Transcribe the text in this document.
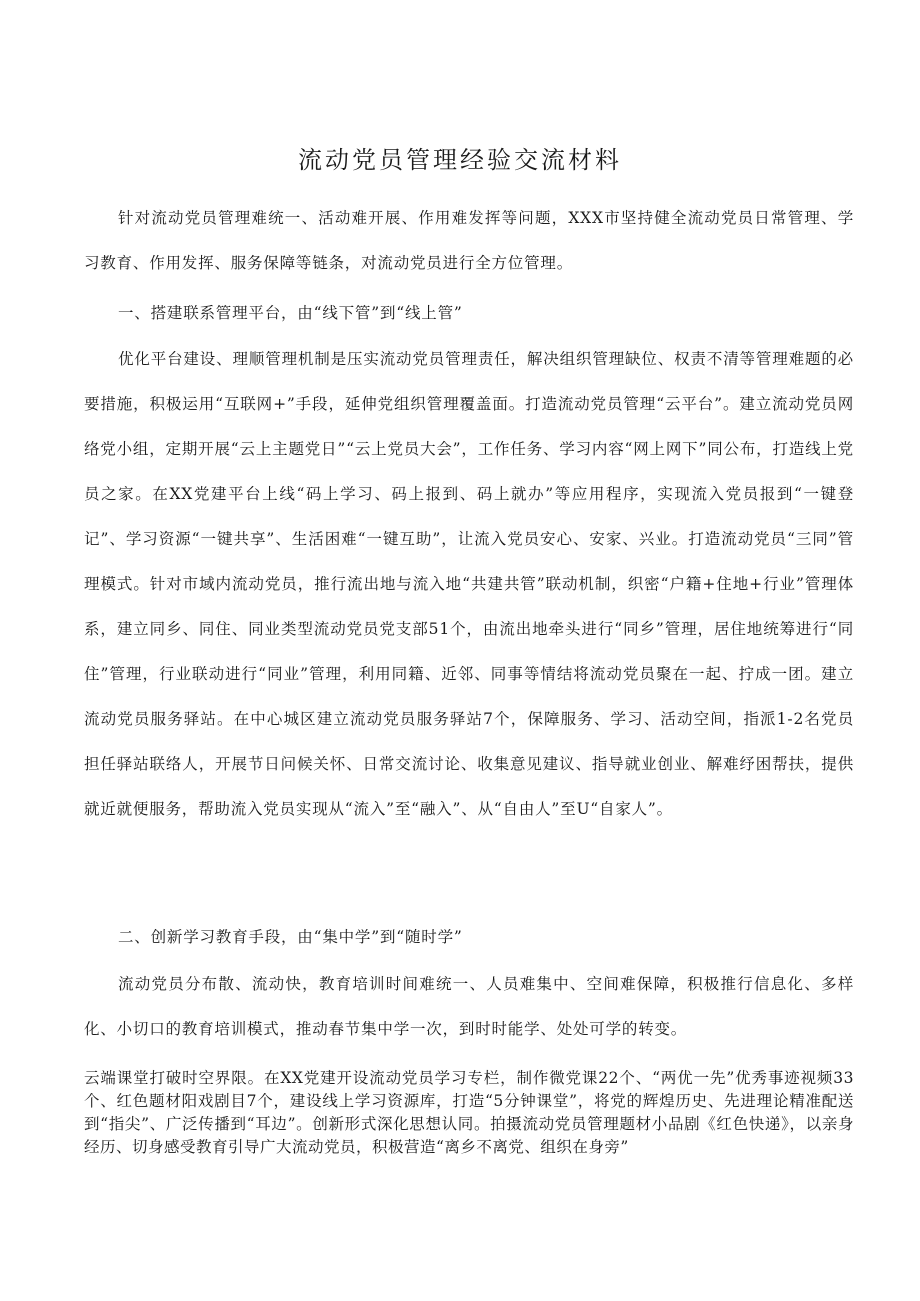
流动党员管理经验交流材料

针对流动党员管理难统一、活动难开展、作用难发挥等问题，XXX市坚持健全流动党员日常管理、学习教育、作用发挥、服务保障等链条，对流动党员进行全方位管理。

一、搭建联系管理平台，由“线下管”到“线上管”

优化平台建设、理顺管理机制是压实流动党员管理责任，解决组织管理缺位、权责不清等管理难题的必要措施，积极运用“互联网+”手段，延伸党组织管理覆盖面。打造流动党员管理“云平台”。建立流动党员网络党小组，定期开展“云上主题党日”“云上党员大会”，工作任务、学习内容“网上网下”同公布，打造线上党员之家。在XX党建平台上线“码上学习、码上报到、码上就办”等应用程序，实现流入党员报到“一键登记”、学习资源“一键共享”、生活困难“一键互助”，让流入党员安心、安家、兴业。打造流动党员“三同”管理模式。针对市域内流动党员，推行流出地与流入地“共建共管”联动机制，织密“户籍+住地+行业”管理体系，建立同乡、同住、同业类型流动党员党支部51个，由流出地牵头进行“同乡”管理，居住地统筹进行“同住”管理，行业联动进行“同业”管理，利用同籍、近邻、同事等情结将流动党员聚在一起、拧成一团。建立流动党员服务驿站。在中心城区建立流动党员服务驿站7个，保障服务、学习、活动空间，指派1-2名党员担任驿站联络人，开展节日问候关怀、日常交流讨论、收集意见建议、指导就业创业、解难纾困帮扶，提供就近就便服务，帮助流入党员实现从“流入”至“融入”、从“自由人”至U“自家人”。

二、创新学习教育手段，由“集中学”到“随时学”

流动党员分布散、流动快，教育培训时间难统一、人员难集中、空间难保障，积极推行信息化、多样化、小切口的教育培训模式，推动春节集中学一次，到时时能学、处处可学的转变。

云端课堂打破时空界限。在XX党建开设流动党员学习专栏，制作微党课22个、“两优一先”优秀事迹视频33个、红色题材阳戏剧目7个，建设线上学习资源库，打造“5分钟课堂”，将党的辉煌历史、先进理论精准配送到“指尖”、广泛传播到“耳边”。创新形式深化思想认同。拍摄流动党员管理题材小品剧《红色快递》，以亲身经历、切身感受教育引导广大流动党员，积极营造“离乡不离党、组织在身旁”
